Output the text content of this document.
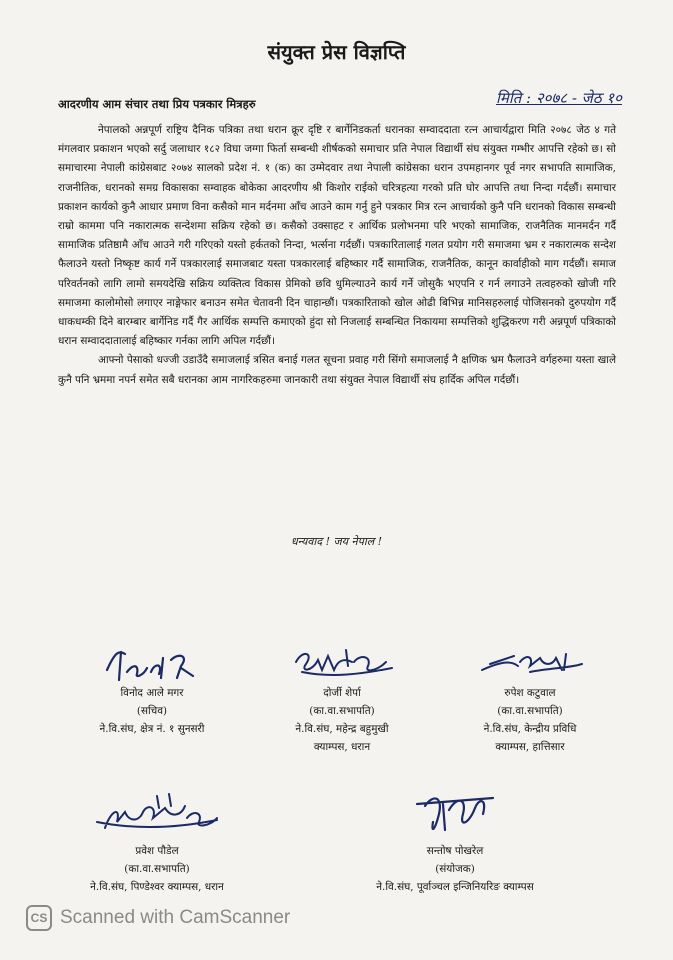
संयुक्त प्रेस विज्ञप्ति
आदरणीय आम संचार तथा प्रिय पत्रकार मित्रहरु	मिति : २०७८ - जेठ १०

नेपालको अन्नपूर्ण राष्ट्रिय दैनिक पत्रिका तथा धरान क्रूर दृष्टि र बार्गेनिडकर्ता धरानका सम्वाददाता रत्न आचार्यद्वारा मिति २०७८ जेठ ४ गते मंगलवार प्रकाशन भएको सर्दु जलाधार १८२ विघा जग्गा फिर्ता सम्बन्धी शीर्षकको समाचार प्रति नेपाल विद्यार्थी संघ संयुक्त गम्भीर आपत्ति रहेको छ। सो समाचारमा नेपाली कांग्रेसबाट २०७४ सालको प्रदेश नं. १ (क) का उम्मेदवार तथा नेपाली कांग्रेसका धरान उपमहानगर पूर्व नगर सभापति सामाजिक, राजनीतिक, धरानको समग्र विकासका सम्वाहक बोकेका आदरणीय श्री किशोर राईको चरित्रहत्या गरको प्रति घोर आपत्ति तथा निन्दा गर्दछौं। समाचार प्रकाशन कार्यको कुनै आधार प्रमाण विना कसैको मान मर्दनमा आँच आउने काम गर्नु हुने पत्रकार मित्र रत्न आचार्यको कुनै पनि धरानको विकास सम्बन्धी राम्रो काममा पनि नकारात्मक सन्देशमा सक्रिय रहेको छ। कसैको उक्साहट र आर्थिक प्रलोभनमा परि भएको सामाजिक, राजनैतिक मानमर्दन गर्दै सामाजिक प्रतिष्ठामै आँच आउने गरी गरिएको यस्तो हर्कतको निन्दा, भर्त्सना गर्दछौं। पत्रकारितालाई गलत प्रयोग गरी समाजमा भ्रम र नकारात्मक सन्देश फैलाउने यस्तो निष्कृष्ट कार्य गर्ने पत्रकारलाई समाजबाट यस्ता पत्रकारलाई बहिष्कार गर्दै सामाजिक, राजनैतिक, कानून कार्वाहीको माग गर्दछौं। समाज परिवर्तनको लागि लामो समयदेखि सक्रिय व्यक्तित्व विकास प्रेमिको छवि धुमिल्याउने कार्य गर्ने जोसुकै भएपनि र गर्न लगाउने तत्वहरुको खोजी गरि समाजमा कालोमोसो लगाएर नाङ्गेफार बनाउन समेत चेतावनी दिन चाहान्छौं। पत्रकारिताको खोल ओढी बिभिन्न मानिसहरुलाई पोजिसनको दुरुपयोग गर्दै धाकधम्की दिने बारम्बार बार्गेनिड गर्दै गैर आर्थिक सम्पत्ति कमाएको हुंदा सो निजलाई सम्बन्धित निकायमा सम्पत्तिको शुद्धिकरण गरी अन्नपूर्ण पत्रिकाको धरान सम्वाददातालाई बहिष्कार गर्नका लागि अपिल गर्दछौं।

आफ्नो पेसाको धज्जी उडाउँदै समाजलाई त्रसित बनाई गलत सूचना प्रवाह गरी सिंगो समाजलाई नै क्षणिक भ्रम फैलाउने वर्गहरुमा यस्ता खाले कुनै पनि भ्रममा नपर्न समेत सबै धरानका आम नागरिकहरुमा जानकारी तथा संयुक्त नेपाल विद्यार्थी संघ हार्दिक अपिल गर्दछौं।

धन्यवाद ! जय नेपाल !
विनोद आले मगर
(सचिव)
ने.वि.संघ, क्षेत्र नं. १ सुनसरी
दोर्जी शेर्पा
(का.वा.सभापति)
ने.वि.संघ, महेन्द्र बहुमुखी
क्याम्पस, धरान
रुपेश कटुवाल
(का.वा.सभापति)
ने.वि.संघ, केन्द्रीय प्रविधि
क्याम्पस, हात्तिसार
प्रवेश पौडेल
(का.वा.सभापति)
ने.वि.संघ, पिण्डेश्वर क्याम्पस, धरान
सन्तोष पोखरेल
(संयोजक)
ने.वि.संघ, पूर्वाञ्चल इन्जिनियरिङ क्याम्पस
CS Scanned with CamScanner
